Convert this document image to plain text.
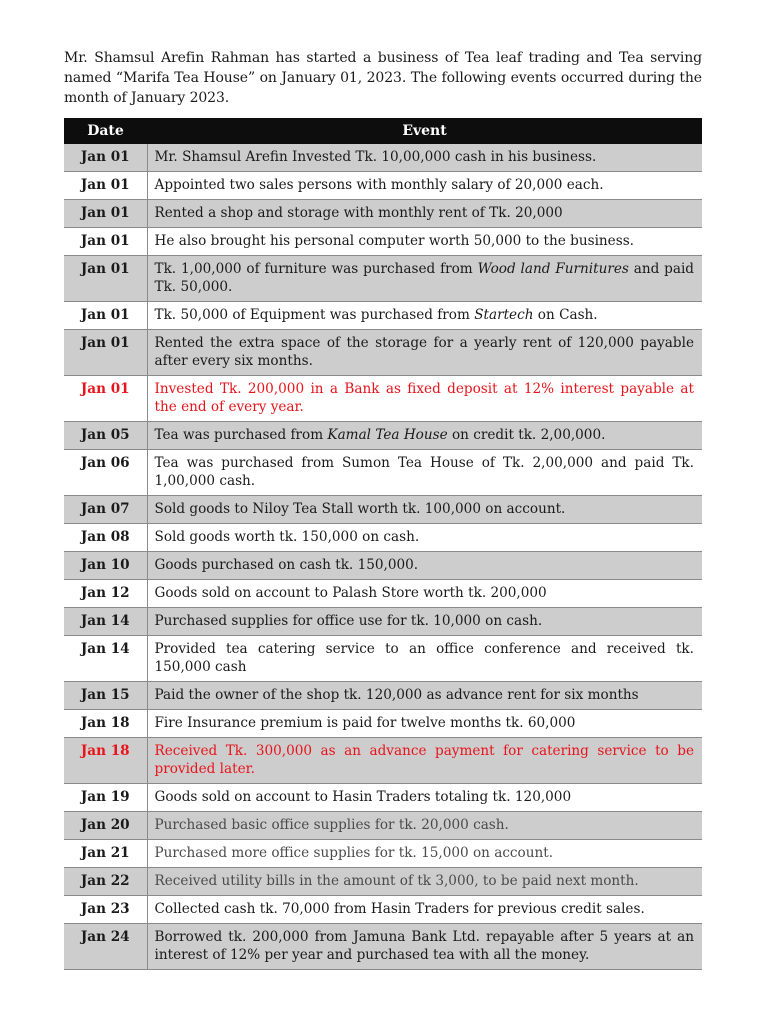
Mr. Shamsul Arefin Rahman has started a business of Tea leaf trading and Tea serving named “Marifa Tea House” on January 01, 2023. The following events occurred during the month of January 2023.

Date	Event
Jan 01	Mr. Shamsul Arefin Invested Tk. 10,00,000 cash in his business.
Jan 01	Appointed two sales persons with monthly salary of 20,000 each.
Jan 01	Rented a shop and storage with monthly rent of Tk. 20,000
Jan 01	He also brought his personal computer worth 50,000 to the business.
Jan 01	Tk. 1,00,000 of furniture was purchased from Wood land Furnitures and paid Tk. 50,000.
Jan 01	Tk. 50,000 of Equipment was purchased from Startech on Cash.
Jan 01	Rented the extra space of the storage for a yearly rent of 120,000 payable after every six months.
Jan 01	Invested Tk. 200,000 in a Bank as fixed deposit at 12% interest payable at the end of every year.
Jan 05	Tea was purchased from Kamal Tea House on credit tk. 2,00,000.
Jan 06	Tea was purchased from Sumon Tea House of Tk. 2,00,000 and paid Tk. 1,00,000 cash.
Jan 07	Sold goods to Niloy Tea Stall worth tk. 100,000 on account.
Jan 08	Sold goods worth tk. 150,000 on cash.
Jan 10	Goods purchased on cash tk. 150,000.
Jan 12	Goods sold on account to Palash Store worth tk. 200,000
Jan 14	Purchased supplies for office use for tk. 10,000 on cash.
Jan 14	Provided tea catering service to an office conference and received tk. 150,000 cash
Jan 15	Paid the owner of the shop tk. 120,000 as advance rent for six months
Jan 18	Fire Insurance premium is paid for twelve months tk. 60,000
Jan 18	Received Tk. 300,000 as an advance payment for catering service to be provided later.
Jan 19	Goods sold on account to Hasin Traders totaling tk. 120,000
Jan 20	Purchased basic office supplies for tk. 20,000 cash.
Jan 21	Purchased more office supplies for tk. 15,000 on account.
Jan 22	Received utility bills in the amount of tk 3,000, to be paid next month.
Jan 23	Collected cash tk. 70,000 from Hasin Traders for previous credit sales.
Jan 24	Borrowed tk. 200,000 from Jamuna Bank Ltd. repayable after 5 years at an interest of 12% per year and purchased tea with all the money.
